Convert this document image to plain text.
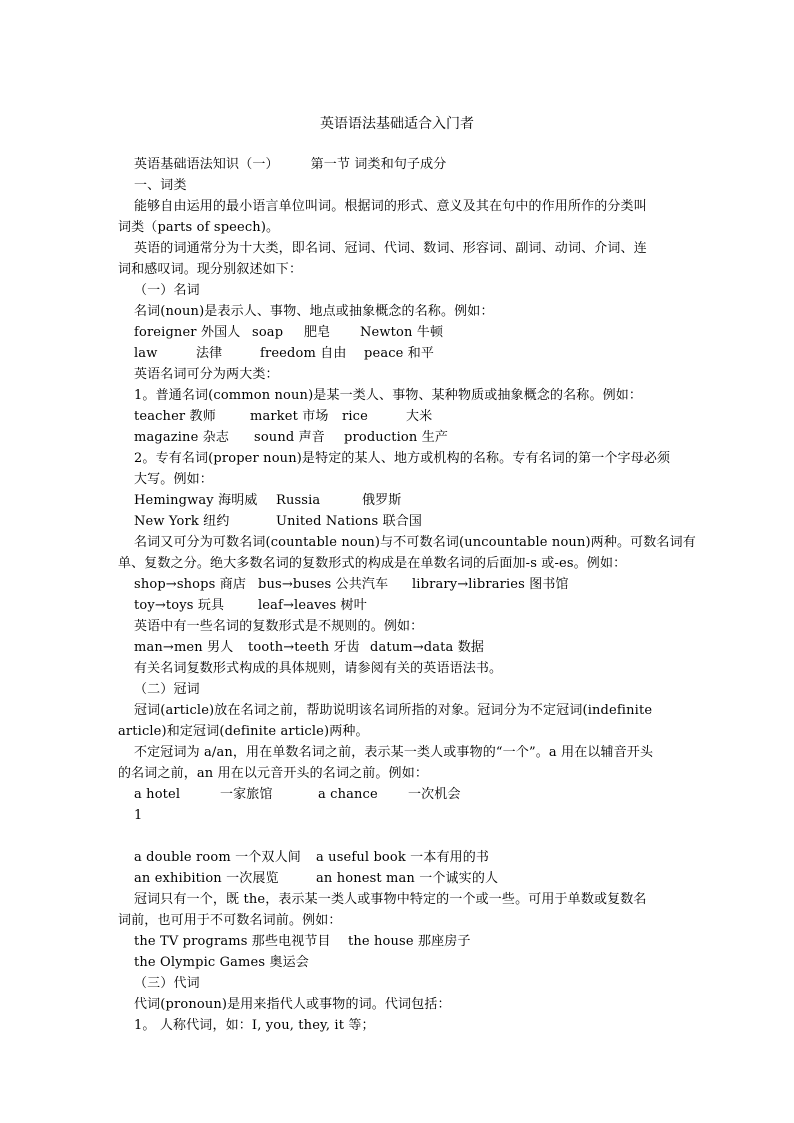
英语语法基础适合入门者
英语基础语法知识（一） 第一节 词类和句子成分
一、词类
能够自由运用的最小语言单位叫词。根据词的形式、意义及其在句中的作用所作的分类叫
词类（parts of speech)。
英语的词通常分为十大类，即名词、冠词、代词、数词、形容词、副词、动词、介词、连
词和感叹词。现分别叙述如下：
（一）名词
名词(noun)是表示人、事物、地点或抽象概念的名称。例如：
foreigner 外国人 soap 肥皂 Newton 牛顿
law	法律	freedom 自由 peace 和平
英语名词可分为两大类：
1。普通名词(common noun)是某一类人、事物、某种物质或抽象概念的名称。例如：
teacher 教师	market 市场 rice	大米
magazine 杂志 sound 声音 production 生产
2。专有名词(proper noun)是特定的某人、地方或机构的名称。专有名词的第一个字母必须
大写。例如：
Hemingway 海明威 Russia	俄罗斯
New York 纽约	United Nations 联合国
名词又可分为可数名词(countable noun)与不可数名词(uncountable noun)两种。可数名词有
单、复数之分。绝大多数名词的复数形式的构成是在单数名词的后面加-s 或-es。例如：
shop→shops 商店 bus→buses 公共汽车 library→libraries 图书馆
toy→toys 玩具	leaf→leaves 树叶
英语中有一些名词的复数形式是不规则的。例如：
man→men 男人 tooth→teeth 牙齿 datum→data 数据
有关名词复数形式构成的具体规则，请参阅有关的英语语法书。
（二）冠词
冠词(article)放在名词之前，帮助说明该名词所指的对象。冠词分为不定冠词(indefinite
article)和定冠词(definite article)两种。
不定冠词为 a/an，用在单数名词之前，表示某一类人或事物的“一个”。a 用在以辅音开头
的名词之前，an 用在以元音开头的名词之前。例如：
a hotel	一家旅馆	a chance 一次机会
1
a double room 一个双人间 a useful book 一本有用的书
an exhibition 一次展览	an honest man 一个诚实的人
冠词只有一个，既 the，表示某一类人或事物中特定的一个或一些。可用于单数或复数名
词前，也可用于不可数名词前。例如：
the TV programs 那些电视节目 the house 那座房子
the Olympic Games 奥运会
（三）代词
代词(pronoun)是用来指代人或事物的词。代词包括：
1。 人称代词，如：I, you, they, it 等；
